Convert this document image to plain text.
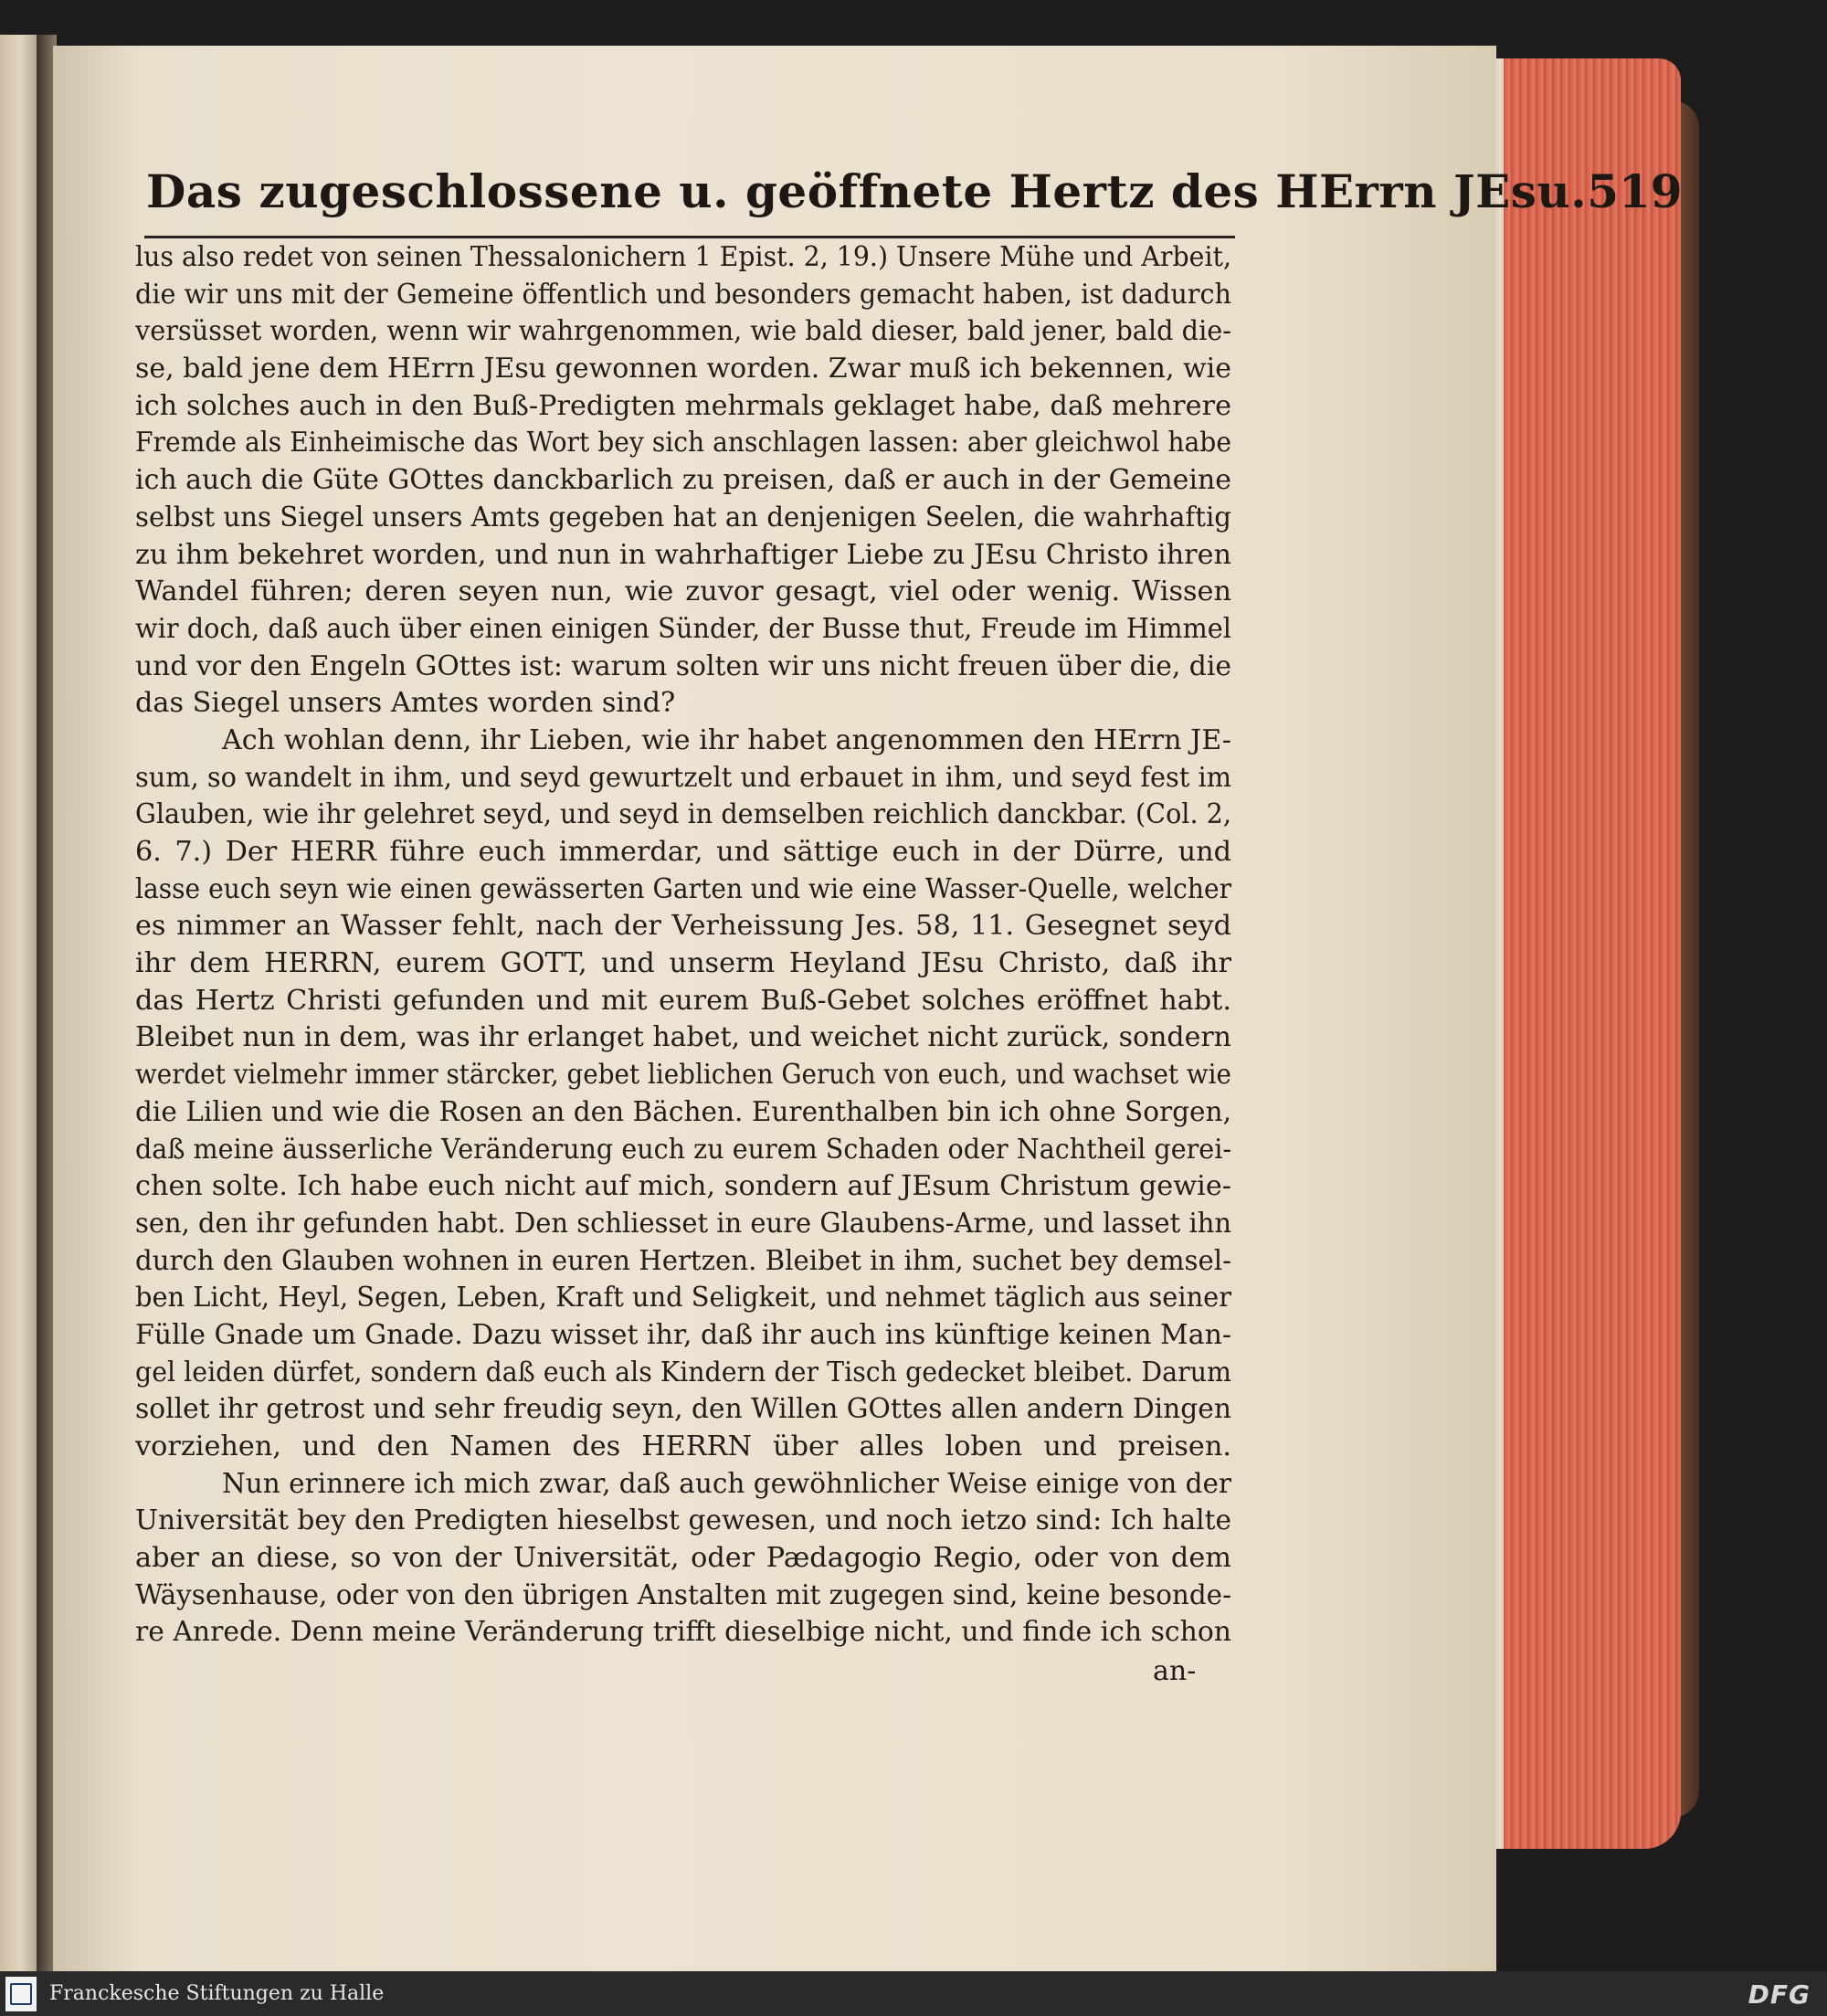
Das zugeschlossene u. geöffnete Hertz des HErrn JEsu. 519
lus also redet von seinen Thessalonichern 1 Epist. 2, 19.) Unsere Mühe und Arbeit,
die wir uns mit der Gemeine öffentlich und besonders gemacht haben, ist dadurch
versüsset worden, wenn wir wahrgenommen, wie bald dieser, bald jener, bald die-
se, bald jene dem HErrn JEsu gewonnen worden. Zwar muß ich bekennen, wie
ich solches auch in den Buß-Predigten mehrmals geklaget habe, daß mehrere
Fremde als Einheimische das Wort bey sich anschlagen lassen: aber gleichwol habe
ich auch die Güte GOttes danckbarlich zu preisen, daß er auch in der Gemeine
selbst uns Siegel unsers Amts gegeben hat an denjenigen Seelen, die wahrhaftig
zu ihm bekehret worden, und nun in wahrhaftiger Liebe zu JEsu Christo ihren
Wandel führen; deren seyen nun, wie zuvor gesagt, viel oder wenig. Wissen
wir doch, daß auch über einen einigen Sünder, der Busse thut, Freude im Himmel
und vor den Engeln GOttes ist: warum solten wir uns nicht freuen über die, die
das Siegel unsers Amtes worden sind?
Ach wohlan denn, ihr Lieben, wie ihr habet angenommen den HErrn JE-
sum, so wandelt in ihm, und seyd gewurtzelt und erbauet in ihm, und seyd fest im
Glauben, wie ihr gelehret seyd, und seyd in demselben reichlich danckbar. (Col. 2,
6. 7.) Der HERR führe euch immerdar, und sättige euch in der Dürre, und
lasse euch seyn wie einen gewässerten Garten und wie eine Wasser-Quelle, welcher
es nimmer an Wasser fehlt, nach der Verheissung Jes. 58, 11. Gesegnet seyd
ihr dem HERRN, eurem GOTT, und unserm Heyland JEsu Christo, daß ihr
das Hertz Christi gefunden und mit eurem Buß-Gebet solches eröffnet habt.
Bleibet nun in dem, was ihr erlanget habet, und weichet nicht zurück, sondern
werdet vielmehr immer stärcker, gebet lieblichen Geruch von euch, und wachset wie
die Lilien und wie die Rosen an den Bächen. Eurenthalben bin ich ohne Sorgen,
daß meine äusserliche Veränderung euch zu eurem Schaden oder Nachtheil gerei-
chen solte. Ich habe euch nicht auf mich, sondern auf JEsum Christum gewie-
sen, den ihr gefunden habt. Den schliesset in eure Glaubens-Arme, und lasset ihn
durch den Glauben wohnen in euren Hertzen. Bleibet in ihm, suchet bey demsel-
ben Licht, Heyl, Segen, Leben, Kraft und Seligkeit, und nehmet täglich aus seiner
Fülle Gnade um Gnade. Dazu wisset ihr, daß ihr auch ins künftige keinen Man-
gel leiden dürfet, sondern daß euch als Kindern der Tisch gedecket bleibet. Darum
sollet ihr getrost und sehr freudig seyn, den Willen GOttes allen andern Dingen
vorziehen, und den Namen des HERRN über alles loben und preisen.
Nun erinnere ich mich zwar, daß auch gewöhnlicher Weise einige von der
Universität bey den Predigten hieselbst gewesen, und noch ietzo sind: Ich halte
aber an diese, so von der Universität, oder Pædagogio Regio, oder von dem
Wäysenhause, oder von den übrigen Anstalten mit zugegen sind, keine besonde-
re Anrede. Denn meine Veränderung trifft dieselbige nicht, und finde ich schon
an-
Franckesche Stiftungen zu Halle	DFG
